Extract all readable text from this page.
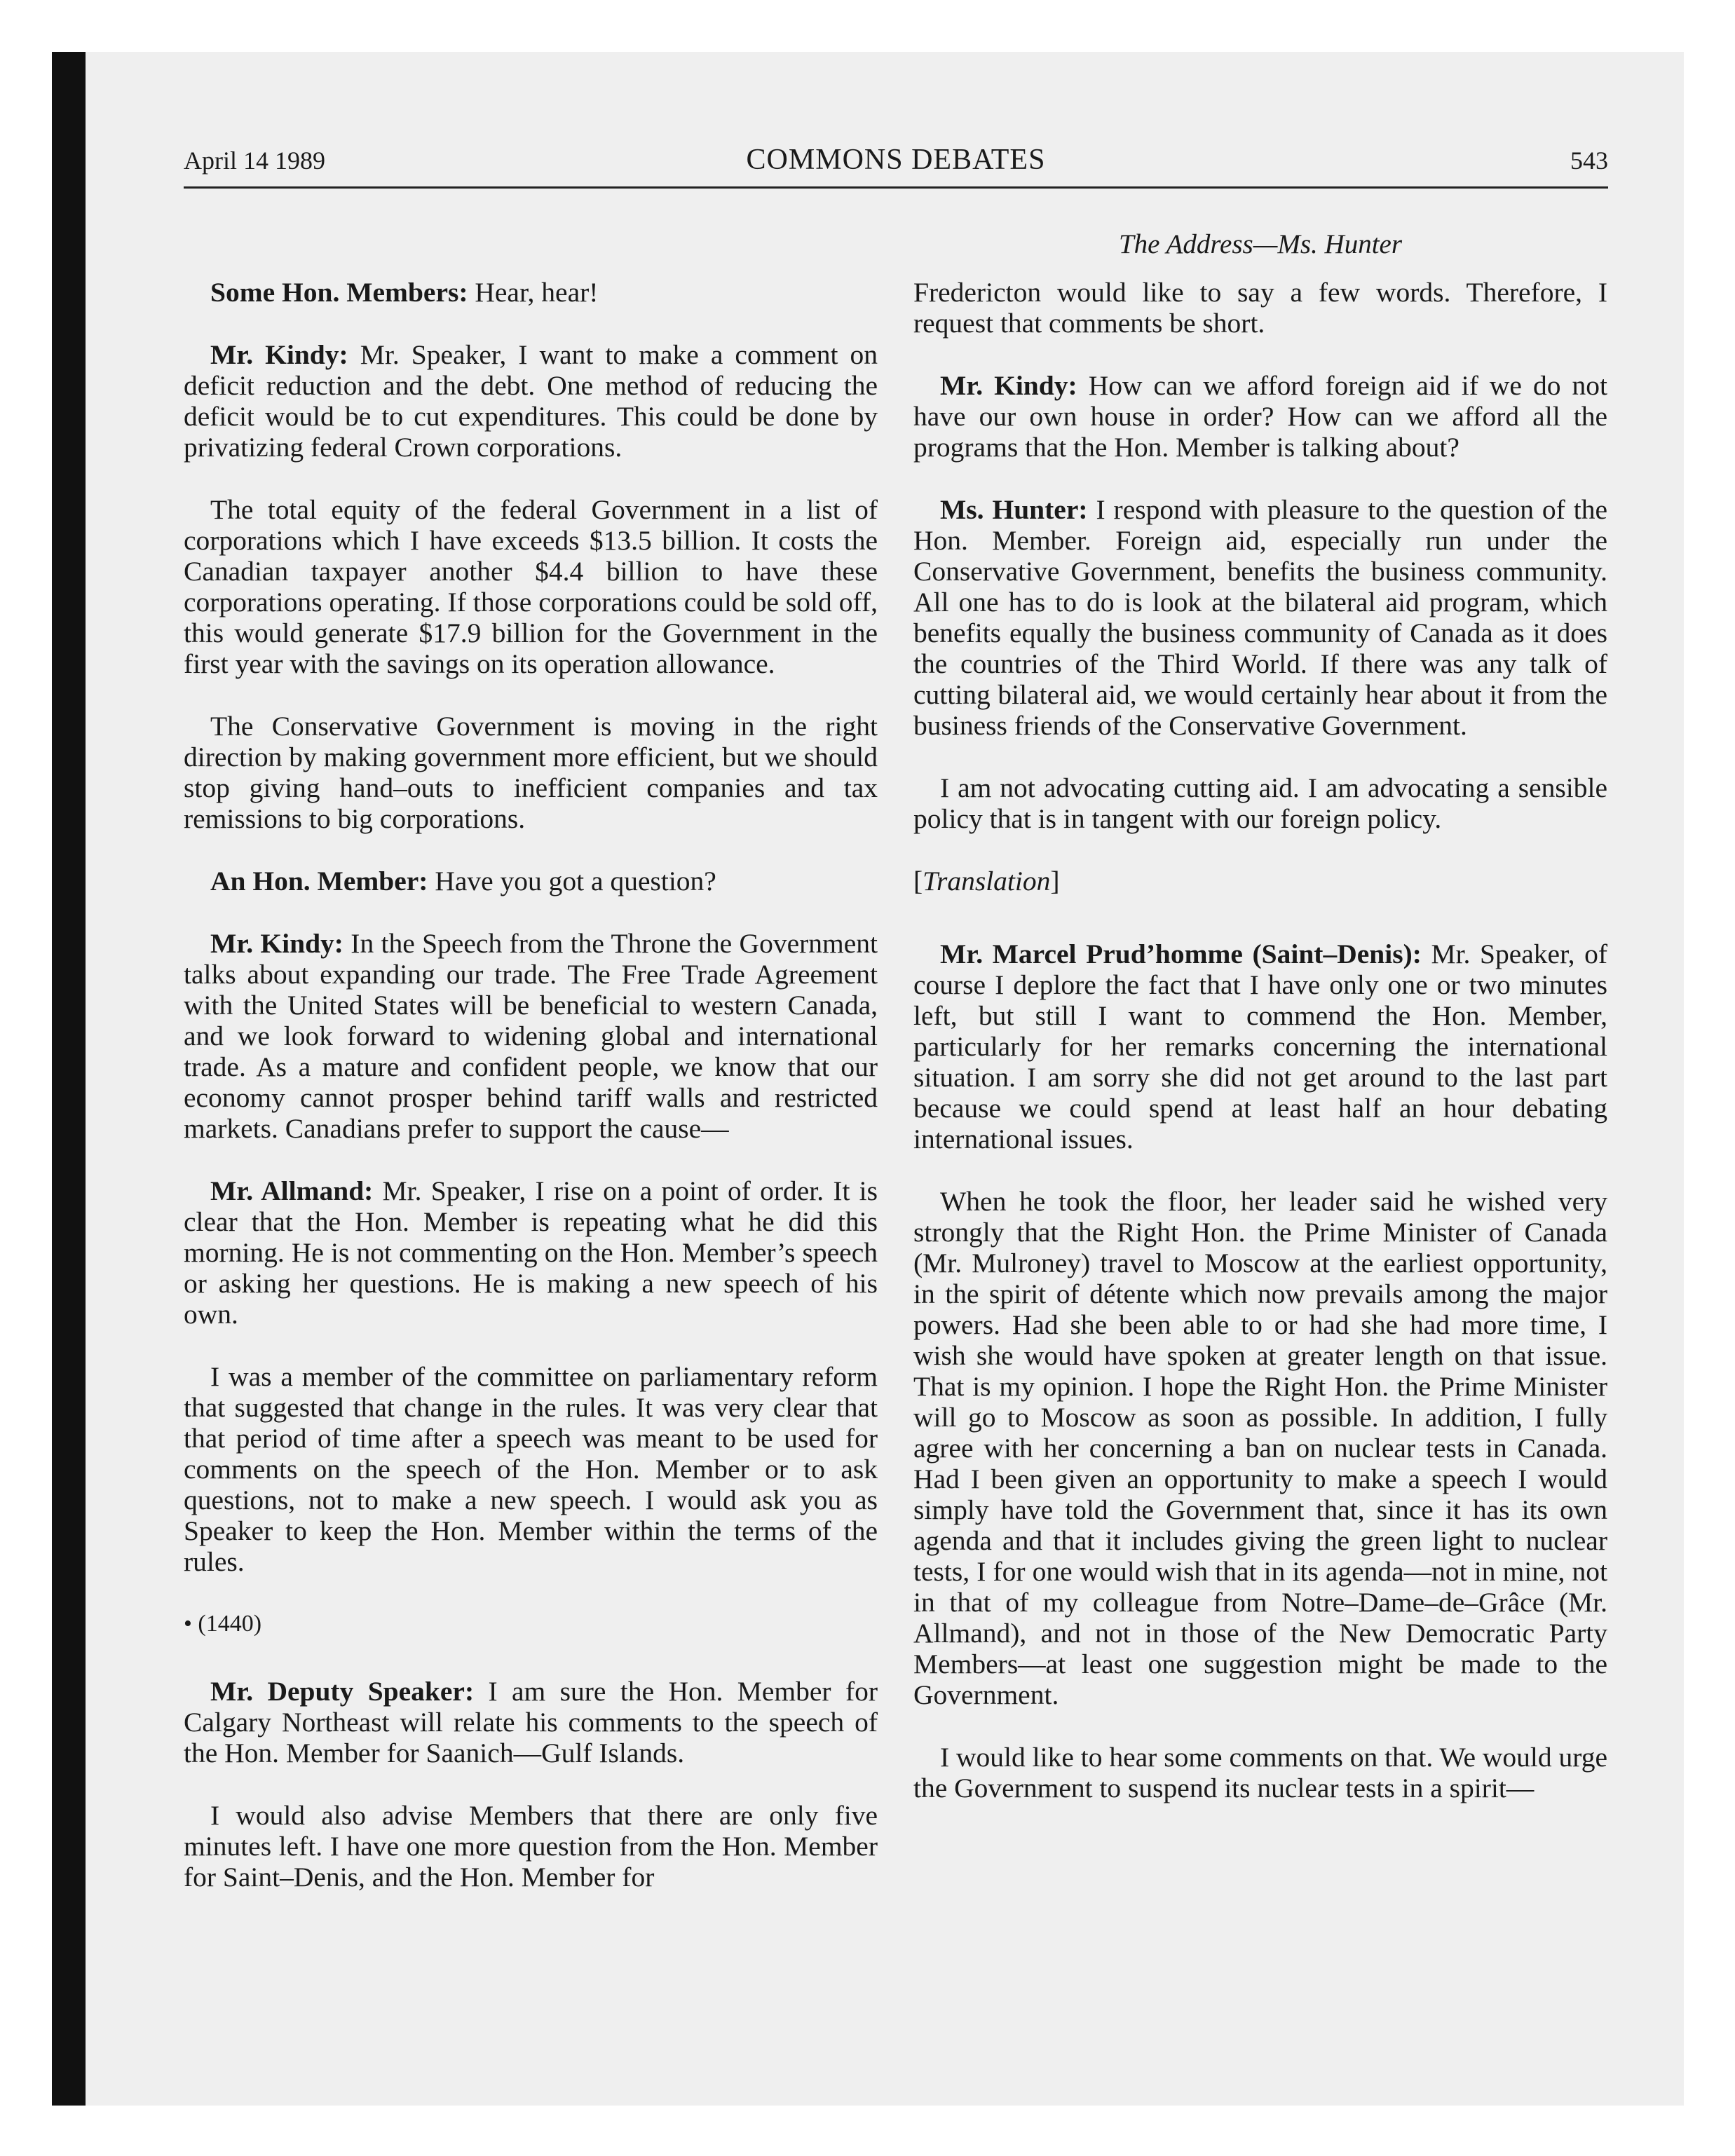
April 14 1989	COMMONS DEBATES	543
The Address—Ms. Hunter

Some Hon. Members: Hear, hear!

Mr. Kindy: Mr. Speaker, I want to make a comment on deficit reduction and the debt. One method of reducing the deficit would be to cut expenditures. This could be done by privatizing federal Crown corporations.

The total equity of the federal Government in a list of corporations which I have exceeds $13.5 billion. It costs the Canadian taxpayer another $4.4 billion to have these corporations operating. If those corporations could be sold off, this would generate $17.9 billion for the Government in the first year with the savings on its operation allowance.

The Conservative Government is moving in the right direction by making government more efficient, but we should stop giving hand–outs to inefficient companies and tax remissions to big corporations.

An Hon. Member: Have you got a question?

Mr. Kindy: In the Speech from the Throne the Government talks about expanding our trade. The Free Trade Agreement with the United States will be beneficial to western Canada, and we look forward to widening global and international trade. As a mature and confident people, we know that our economy cannot prosper behind tariff walls and restricted markets. Canadians prefer to support the cause—

Mr. Allmand: Mr. Speaker, I rise on a point of order. It is clear that the Hon. Member is repeating what he did this morning. He is not commenting on the Hon. Member’s speech or asking her questions. He is making a new speech of his own.

I was a member of the committee on parliamentary reform that suggested that change in the rules. It was very clear that that period of time after a speech was meant to be used for comments on the speech of the Hon. Member or to ask questions, not to make a new speech. I would ask you as Speaker to keep the Hon. Member within the terms of the rules.

• (1440)

Mr. Deputy Speaker: I am sure the Hon. Member for Calgary Northeast will relate his comments to the speech of the Hon. Member for Saanich—Gulf Islands.

I would also advise Members that there are only five minutes left. I have one more question from the Hon. Member for Saint–Denis, and the Hon. Member for

Fredericton would like to say a few words. Therefore, I request that comments be short.

Mr. Kindy: How can we afford foreign aid if we do not have our own house in order? How can we afford all the programs that the Hon. Member is talking about?

Ms. Hunter: I respond with pleasure to the question of the Hon. Member. Foreign aid, especially run under the Conservative Government, benefits the business community. All one has to do is look at the bilateral aid program, which benefits equally the business community of Canada as it does the countries of the Third World. If there was any talk of cutting bilateral aid, we would certainly hear about it from the business friends of the Conservative Government.

I am not advocating cutting aid. I am advocating a sensible policy that is in tangent with our foreign policy.

[Translation]

Mr. Marcel Prud’homme (Saint–Denis): Mr. Speaker, of course I deplore the fact that I have only one or two minutes left, but still I want to commend the Hon. Member, particularly for her remarks concerning the international situation. I am sorry she did not get around to the last part because we could spend at least half an hour debating international issues.

When he took the floor, her leader said he wished very strongly that the Right Hon. the Prime Minister of Canada (Mr. Mulroney) travel to Moscow at the earliest opportunity, in the spirit of détente which now prevails among the major powers. Had she been able to or had she had more time, I wish she would have spoken at greater length on that issue. That is my opinion. I hope the Right Hon. the Prime Minister will go to Moscow as soon as possible. In addition, I fully agree with her concerning a ban on nuclear tests in Canada. Had I been given an opportunity to make a speech I would simply have told the Government that, since it has its own agenda and that it includes giving the green light to nuclear tests, I for one would wish that in its agenda—not in mine, not in that of my colleague from Notre–Dame–de–Grâce (Mr. Allmand), and not in those of the New Democratic Party Members—at least one suggestion might be made to the Government.

I would like to hear some comments on that. We would urge the Government to suspend its nuclear tests in a spirit—
